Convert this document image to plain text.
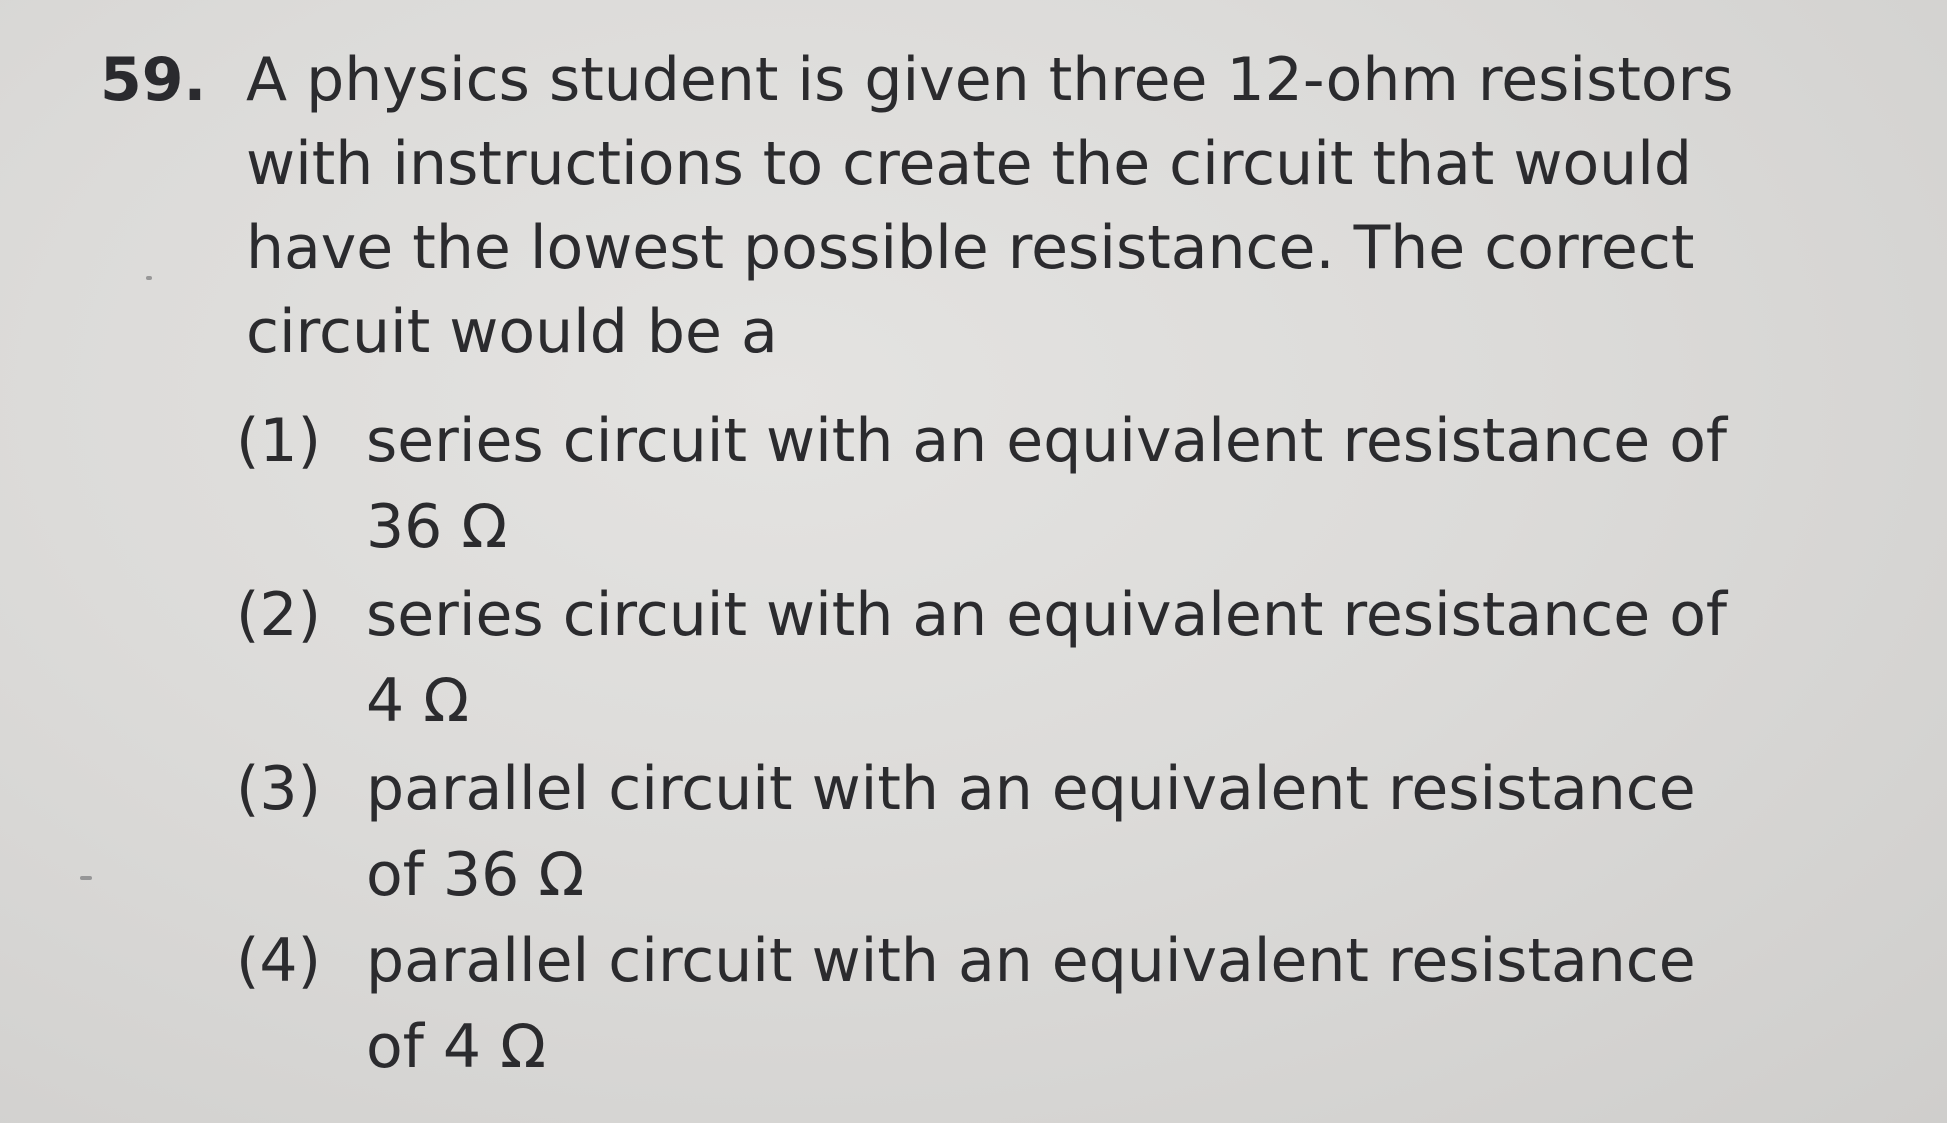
59. A physics student is given three 12-ohm resistors
with instructions to create the circuit that would
have the lowest possible resistance. The correct
circuit would be a
(1) series circuit with an equivalent resistance of
36 Ω
(2) series circuit with an equivalent resistance of
4 Ω
(3) parallel circuit with an equivalent resistance
of 36 Ω
(4) parallel circuit with an equivalent resistance
of 4 Ω
